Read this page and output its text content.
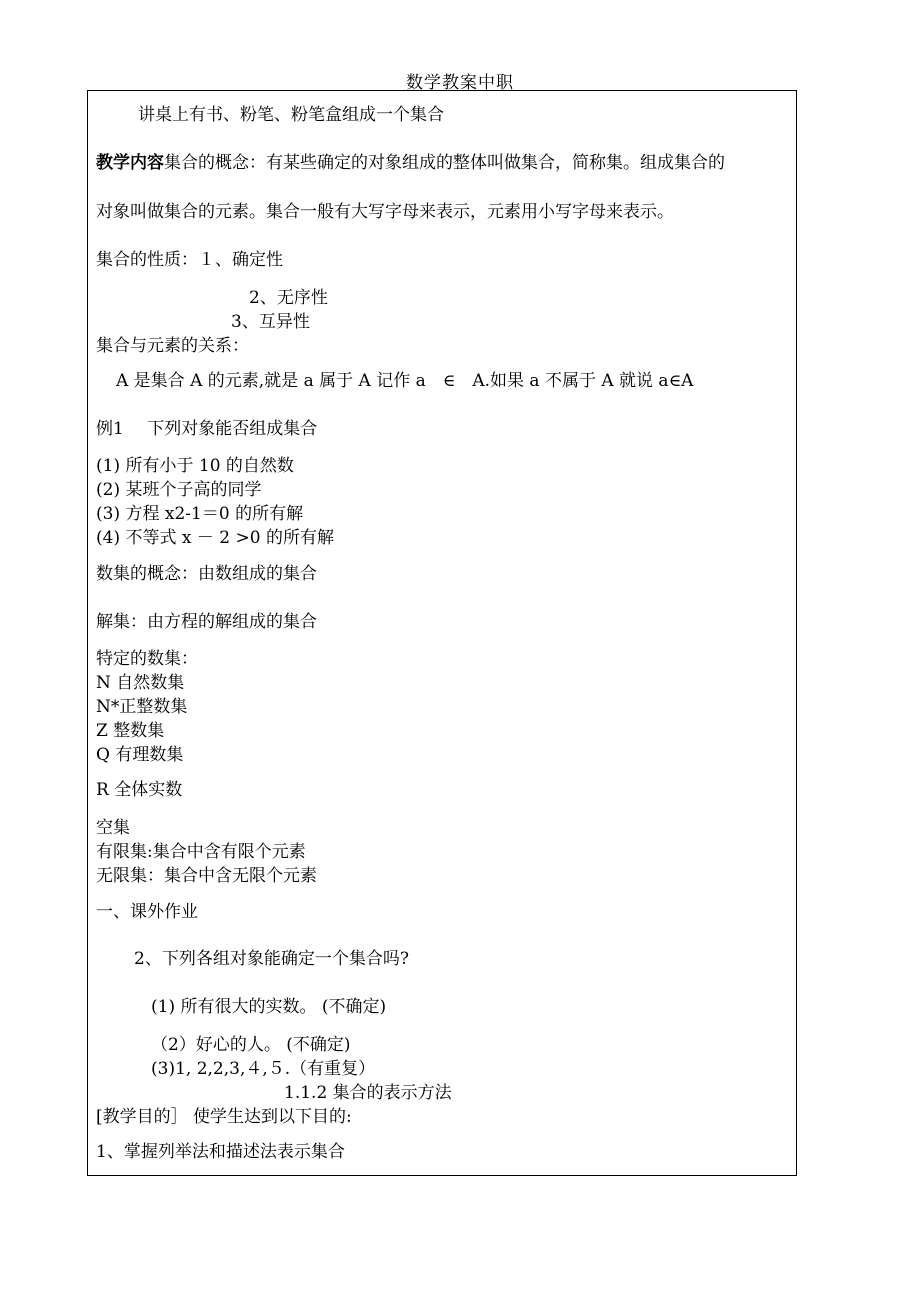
数学教案中职
讲桌上有书、粉笔、粉笔盒组成一个集合
教学内容集合的概念：有某些确定的对象组成的整体叫做集合，简称集。组成集合的
对象叫做集合的元素。集合一般有大写字母来表示，元素用小写字母来表示。
集合的性质：１、确定性
2、无序性
3、互异性
集合与元素的关系：
A 是集合 A 的元素,就是 a 属于 A 记作 a　∈　A.如果 a 不属于 A 就说 a∈A
例1 下列对象能否组成集合
(1) 所有小于 10 的自然数
(2) 某班个子高的同学
(3) 方程 x2-1＝0 的所有解
(4) 不等式 x － 2 >0 的所有解
数集的概念：由数组成的集合
解集：由方程的解组成的集合
特定的数集：
N 自然数集
N*正整数集
Z 整数集
Q 有理数集
R 全体实数
空集
有限集:集合中含有限个元素
无限集：集合中含无限个元素
一、课外作业
2、下列各组对象能确定一个集合吗?
(1) 所有很大的实数。 (不确定)
（2）好心的人。 (不确定)
(3)1, 2,2,3,４,５.（有重复）
1.1.2 集合的表示方法
[教学目的］ 使学生达到以下目的:
1、掌握列举法和描述法表示集合
